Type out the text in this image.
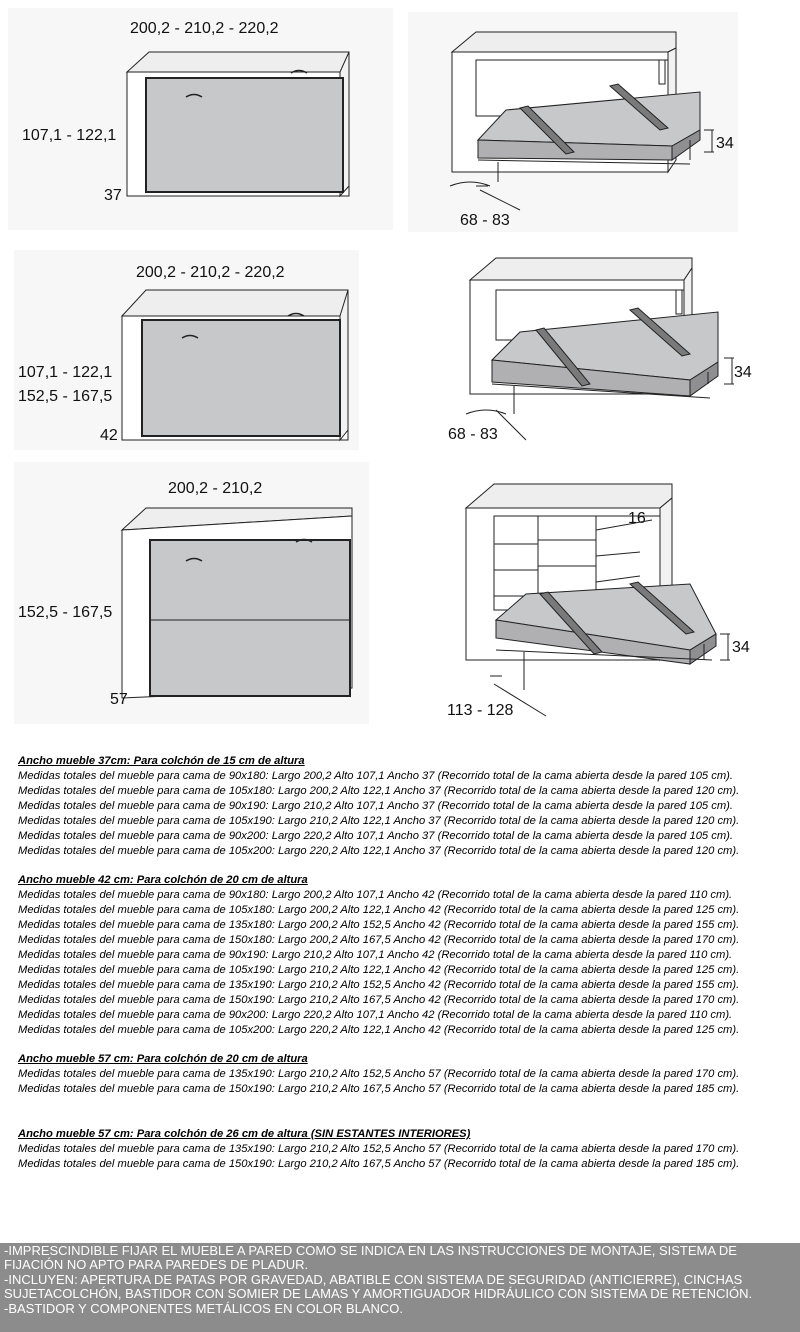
200,2 - 210,2 - 220,2
107,1 - 122,1
37
34
68 - 83
200,2 - 210,2 - 220,2
107,1 - 122,1
152,5 - 167,5
42
34
68 - 83
200,2 - 210,2
152,5 - 167,5
57
16
34
113 - 128
Ancho mueble 37cm: Para colchón de 15 cm de altura
Medidas totales del mueble para cama de 90x180: Largo 200,2 Alto 107,1 Ancho 37 (Recorrido total de la cama abierta desde la pared 105 cm).
Medidas totales del mueble para cama de 105x180: Largo 200,2 Alto 122,1 Ancho 37 (Recorrido total de la cama abierta desde la pared 120 cm).
Medidas totales del mueble para cama de 90x190: Largo 210,2 Alto 107,1 Ancho 37 (Recorrido total de la cama abierta desde la pared 105 cm).
Medidas totales del mueble para cama de 105x190: Largo 210,2 Alto 122,1 Ancho 37 (Recorrido total de la cama abierta desde la pared 120 cm).
Medidas totales del mueble para cama de 90x200: Largo 220,2 Alto 107,1 Ancho 37 (Recorrido total de la cama abierta desde la pared 105 cm).
Medidas totales del mueble para cama de 105x200: Largo 220,2 Alto 122,1 Ancho 37 (Recorrido total de la cama abierta desde la pared 120 cm).
Ancho mueble 42 cm: Para colchón de 20 cm de altura
Medidas totales del mueble para cama de 90x180: Largo 200,2 Alto 107,1 Ancho 42 (Recorrido total de la cama abierta desde la pared 110 cm).
Medidas totales del mueble para cama de 105x180: Largo 200,2 Alto 122,1 Ancho 42 (Recorrido total de la cama abierta desde la pared 125 cm).
Medidas totales del mueble para cama de 135x180: Largo 200,2 Alto 152,5 Ancho 42 (Recorrido total de la cama abierta desde la pared 155 cm).
Medidas totales del mueble para cama de 150x180: Largo 200,2 Alto 167,5 Ancho 42 (Recorrido total de la cama abierta desde la pared 170 cm).
Medidas totales del mueble para cama de 90x190: Largo 210,2 Alto 107,1 Ancho 42 (Recorrido total de la cama abierta desde la pared 110 cm).
Medidas totales del mueble para cama de 105x190: Largo 210,2 Alto 122,1 Ancho 42 (Recorrido total de la cama abierta desde la pared 125 cm).
Medidas totales del mueble para cama de 135x190: Largo 210,2 Alto 152,5 Ancho 42 (Recorrido total de la cama abierta desde la pared 155 cm).
Medidas totales del mueble para cama de 150x190: Largo 210,2 Alto 167,5 Ancho 42 (Recorrido total de la cama abierta desde la pared 170 cm).
Medidas totales del mueble para cama de 90x200: Largo 220,2 Alto 107,1 Ancho 42 (Recorrido total de la cama abierta desde la pared 110 cm).
Medidas totales del mueble para cama de 105x200: Largo 220,2 Alto 122,1 Ancho 42 (Recorrido total de la cama abierta desde la pared 125 cm).
Ancho mueble 57 cm: Para colchón de 20 cm de altura
Medidas totales del mueble para cama de 135x190: Largo 210,2 Alto 152,5 Ancho 57 (Recorrido total de la cama abierta desde la pared 170 cm).
Medidas totales del mueble para cama de 150x190: Largo 210,2 Alto 167,5 Ancho 57 (Recorrido total de la cama abierta desde la pared 185 cm).
Ancho mueble 57 cm: Para colchón de 26 cm de altura (SIN ESTANTES INTERIORES)
Medidas totales del mueble para cama de 135x190: Largo 210,2 Alto 152,5 Ancho 57 (Recorrido total de la cama abierta desde la pared 170 cm).
Medidas totales del mueble para cama de 150x190: Largo 210,2 Alto 167,5 Ancho 57 (Recorrido total de la cama abierta desde la pared 185 cm).

-IMPRESCINDIBLE FIJAR EL MUEBLE A PARED COMO SE INDICA EN LAS INSTRUCCIONES DE MONTAJE, SISTEMA DE FIJACIÓN NO APTO PARA PAREDES DE PLADUR.

-INCLUYEN: APERTURA DE PATAS POR GRAVEDAD, ABATIBLE CON SISTEMA DE SEGURIDAD (ANTICIERRE), CINCHAS SUJETACOLCHÓN, BASTIDOR CON SOMIER DE LAMAS Y AMORTIGUADOR HIDRÁULICO CON SISTEMA DE RETENCIÓN.

-BASTIDOR Y COMPONENTES METÁLICOS EN COLOR BLANCO.
